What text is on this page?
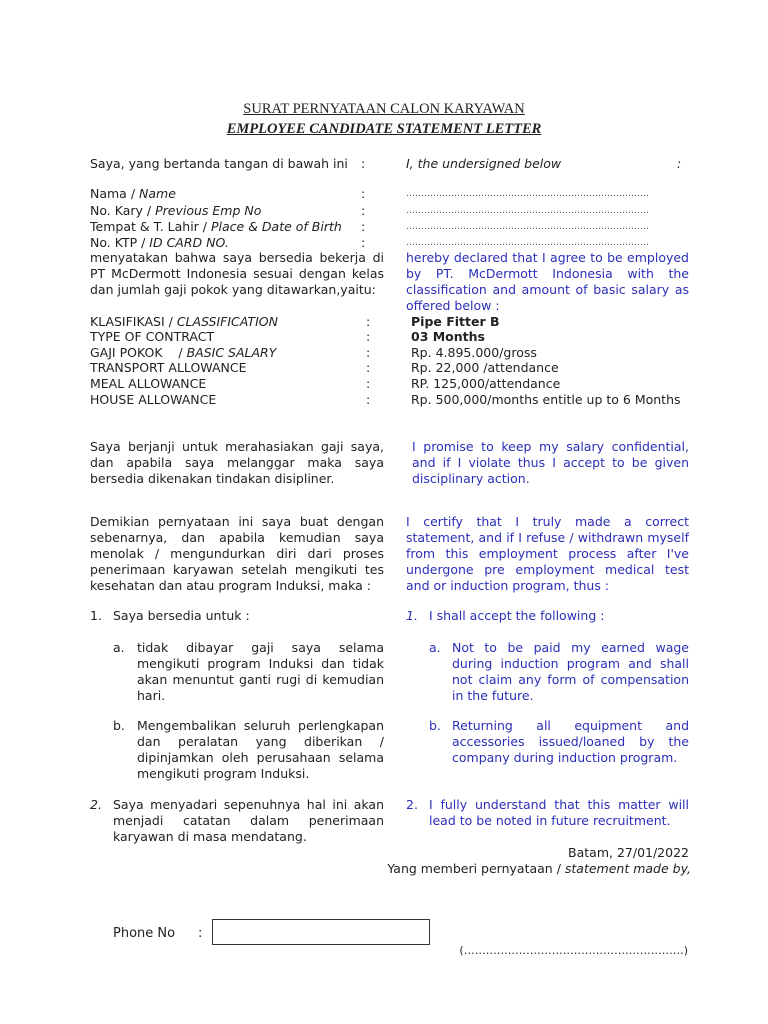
SURAT PERNYATAAN CALON KARYAWAN
EMPLOYEE CANDIDATE STATEMENT LETTER
Saya, yang bertanda tangan di bawah ini :	I, the undersigned below	:
Nama / Name	:	………………………………………………………………………
No. Kary / Previous Emp No	:	………………………………………………………………………
Tempat & T. Lahir / Place & Date of Birth :	………………………………………………………………………
No. KTP / ID CARD NO.	:	………………………………………………………………………
menyatakan bahwa saya bersedia bekerja di PT McDermott Indonesia sesuai dengan kelas dan jumlah gaji pokok yang ditawarkan,yaitu:
hereby declared that I agree to be employed by PT. McDermott Indonesia with the classification and amount of basic salary as offered below :
KLASIFIKASI / CLASSIFICATION	:	Pipe Fitter B
TYPE OF CONTRACT	:	03 Months
GAJI POKOK    / BASIC SALARY	:	Rp. 4.895.000/gross
TRANSPORT ALLOWANCE	:	Rp. 22,000 /attendance
MEAL ALLOWANCE	:	RP. 125,000/attendance
HOUSE ALLOWANCE	:	Rp. 500,000/months entitle up to 6 Months
Saya berjanji untuk merahasiakan gaji saya, dan apabila saya melanggar maka saya bersedia dikenakan tindakan disipliner.
I promise to keep my salary confidential, and if I violate thus I accept to be given disciplinary action.
Demikian pernyataan ini saya buat dengan sebenarnya, dan apabila kemudian saya menolak / mengundurkan diri dari proses penerimaan karyawan setelah mengikuti tes kesehatan dan atau program Induksi, maka :
I certify that I truly made a correct statement, and if I refuse / withdrawn myself from this employment process after I've undergone pre employment medical test and or induction program, thus :
1. Saya bersedia untuk :	1. I shall accept the following :
a. tidak dibayar gaji saya selama mengikuti program Induksi dan tidak akan menuntut ganti rugi di kemudian hari.
a. Not to be paid my earned wage during induction program and shall not claim any form of compensation in the future.
b. Mengembalikan seluruh perlengkapan dan peralatan yang diberikan / dipinjamkan oleh perusahaan selama mengikuti program Induksi.
b. Returning all equipment and accessories issued/loaned by the company during induction program.
2. Saya menyadari sepenuhnya hal ini akan menjadi catatan dalam penerimaan karyawan di masa mendatang.
2. I fully understand that this matter will lead to be noted in future recruitment.
Batam, 27/01/2022
Yang memberi pernyataan / statement made by,
Phone No :
(……………………………………………………)
